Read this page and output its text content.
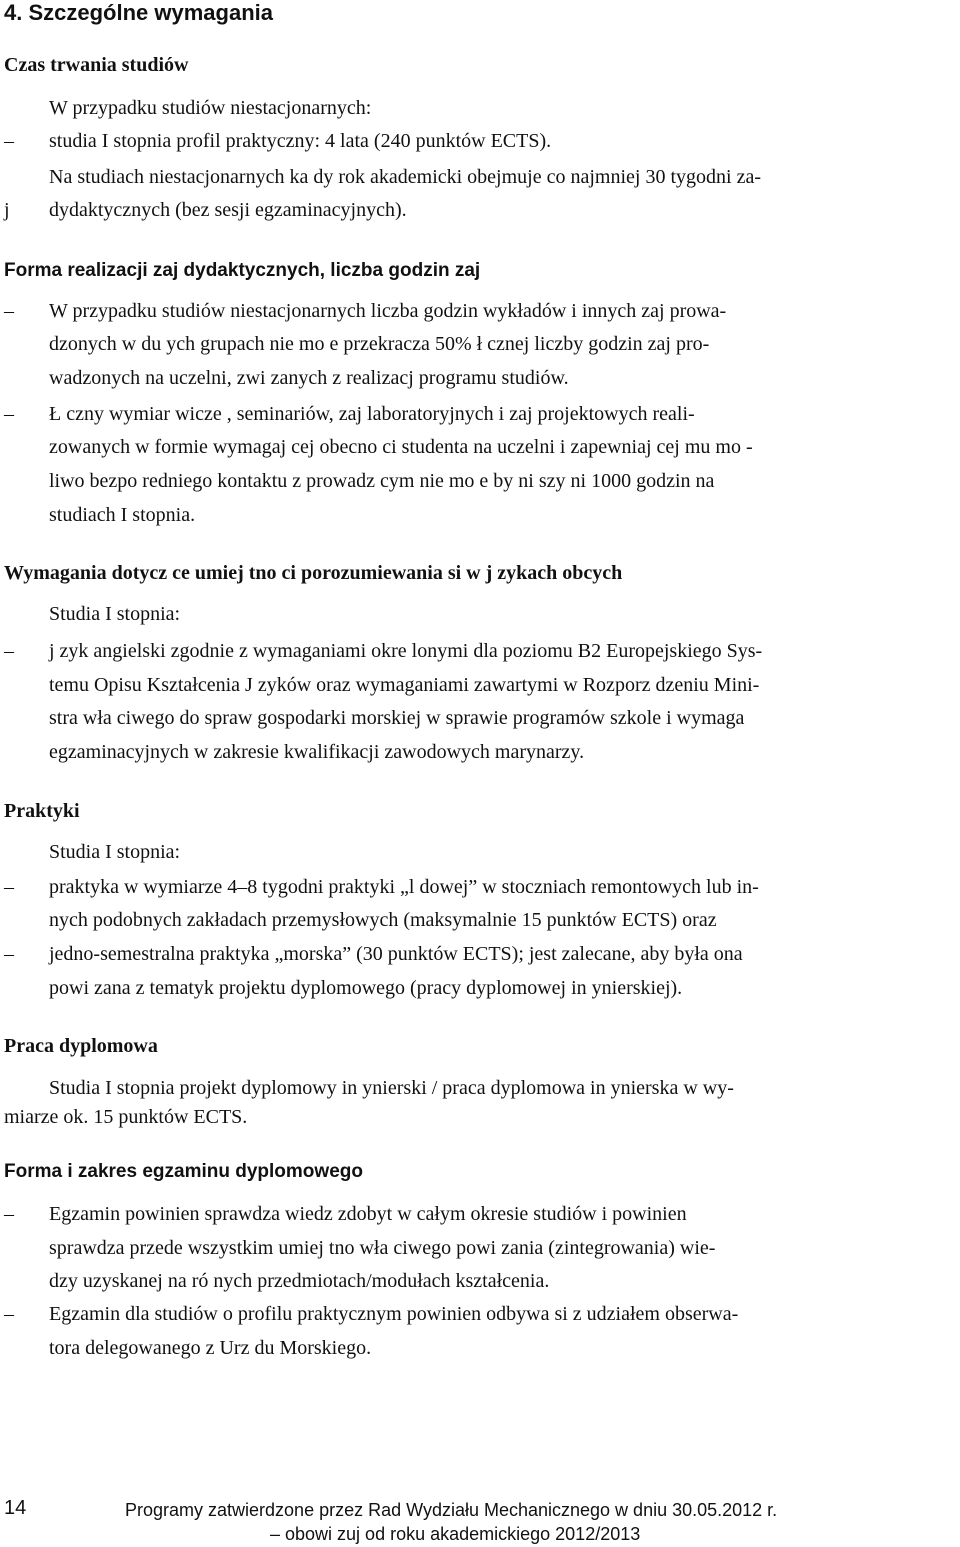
4. Szczególne wymagania
Czas trwania studiów
W przypadku studiów niestacjonarnych:
– studia I stopnia profil praktyczny: 4 lata (240 punktów ECTS).
Na studiach niestacjonarnych ka dy rok akademicki obejmuje co najmniej 30 tygodni za-
j dydaktycznych (bez sesji egzaminacyjnych).
Forma realizacji zaj dydaktycznych, liczba godzin zaj
– W przypadku studiów niestacjonarnych liczba godzin wykładów i innych zaj prowa-
dzonych w du ych grupach nie mo e przekracza 50% ł cznej liczby godzin zaj pro-
wadzonych na uczelni, zwi zanych z realizacj programu studiów.
– Ł czny wymiar wicze , seminariów, zaj laboratoryjnych i zaj projektowych reali-
zowanych w formie wymagaj cej obecno ci studenta na uczelni i zapewniaj cej mu mo -
liwo bezpo redniego kontaktu z prowadz cym nie mo e by ni szy ni 1000 godzin na
studiach I stopnia.
Wymagania dotycz ce umiej tno ci porozumiewania si w j zykach obcych
Studia I stopnia:
– j zyk angielski zgodnie z wymaganiami okre lonymi dla poziomu B2 Europejskiego Sys-
temu Opisu Kształcenia J zyków oraz wymaganiami zawartymi w Rozporz dzeniu Mini-
stra wła ciwego do spraw gospodarki morskiej w sprawie programów szkole i wymaga
egzaminacyjnych w zakresie kwalifikacji zawodowych marynarzy.
Praktyki
Studia I stopnia:
– praktyka w wymiarze 4–8 tygodni praktyki „l dowej” w stoczniach remontowych lub in-
nych podobnych zakładach przemysłowych (maksymalnie 15 punktów ECTS) oraz
– jedno-semestralna praktyka „morska” (30 punktów ECTS); jest zalecane, aby była ona
powi zana z tematyk projektu dyplomowego (pracy dyplomowej in ynierskiej).
Praca dyplomowa
Studia I stopnia projekt dyplomowy in ynierski / praca dyplomowa in ynierska w wy-
miarze ok. 15 punktów ECTS.
Forma i zakres egzaminu dyplomowego
– Egzamin powinien sprawdza wiedz zdobyt w całym okresie studiów i powinien
sprawdza przede wszystkim umiej tno wła ciwego powi zania (zintegrowania) wie-
dzy uzyskanej na ró nych przedmiotach/modułach kształcenia.
– Egzamin dla studiów o profilu praktycznym powinien odbywa si z udziałem obserwa-
tora delegowanego z Urz du Morskiego.
14	Programy zatwierdzone przez Rad Wydziału Mechanicznego w dniu 30.05.2012 r.
– obowi zuj od roku akademickiego 2012/2013
